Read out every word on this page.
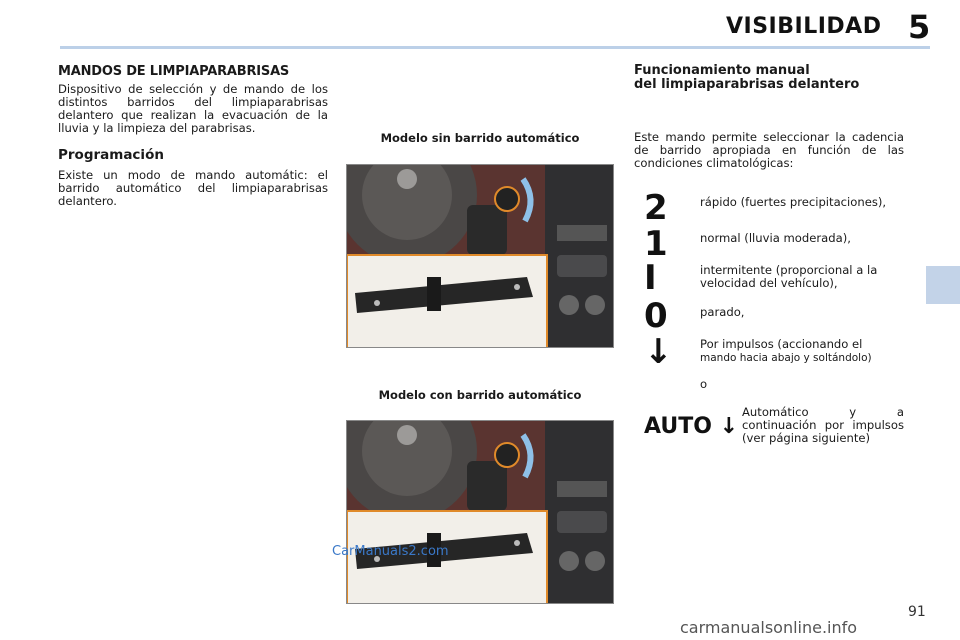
VISIBILIDAD 5
MANDOS DE LIMPIAPARABRISAS

Dispositivo de selección y de mando de los distintos barridos del limpiaparabrisas delantero que realizan la evacuación de la lluvia y la limpieza del parabrisas.

Programación

Existe un modo de mando automátic: el barrido automático del limpiaparabrisas delantero.

Modelo sin barrido automático
Modelo con barrido automático
Funcionamiento manual
del limpiaparabrisas delantero

Este mando permite seleccionar la cadencia de barrido apropiada en función de las condiciones climatológicas:

2	rápido (fuertes precipitaciones),
1	normal (lluvia moderada),
I	intermitente (proporcional a la velocidad del vehículo),
0	parado,
↓ Por impulsos (accionando el
mando hacia abajo y soltándolo)
o
AUTO ↓
Automático y a continuación por impulsos (ver página siguiente)
CarManuals2.com
91
carmanualsonline.info
